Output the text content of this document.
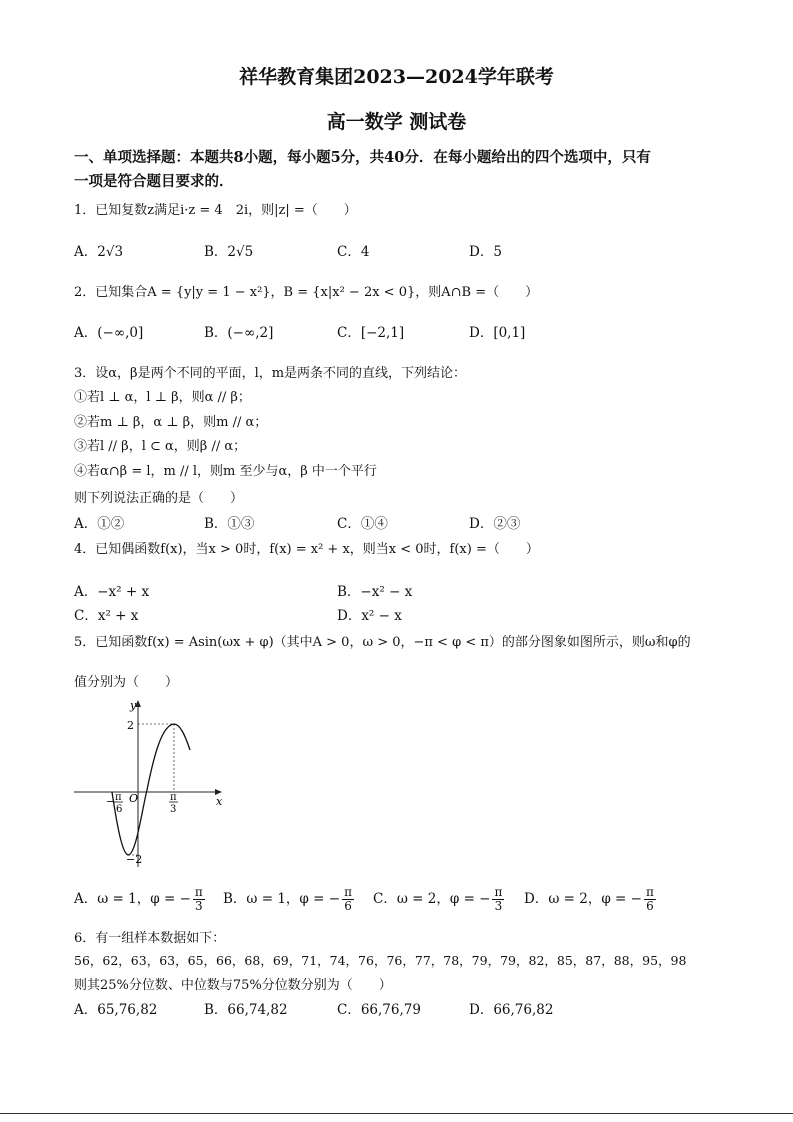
祥华教育集团2023—2024学年联考
高一数学 测试卷
一、单项选择题：本题共8小题，每小题5分，共40分．在每小题给出的四个选项中，只有
一项是符合题目要求的．
1．已知复数z满足i·z = 4　2i，则|z| =（　　）
A．2√3	B．2√5	C．4	D．5
2．已知集合A = {y|y = 1 − x²}，B = {x|x² − 2x < 0}，则A∩B =（　　）
A．(−∞,0]	B．(−∞,2]	C．[−2,1]	D．[0,1]
3．设α，β是两个不同的平面，l，m是两条不同的直线，下列结论：
①若l ⊥ α，l ⊥ β，则α // β；
②若m ⊥ β，α ⊥ β，则m // α；
③若l // β，l ⊂ α，则β // α；
④若α∩β = l，m // l，则m 至少与α，β 中一个平行
则下列说法正确的是（　　）
A．①②	B．①③	C．①④	D．②③
4．已知偶函数f(x)，当x > 0时，f(x) = x² + x，则当x < 0时，f(x) =（　　）
A．−x² + x	B．−x² − x
C．x² + x	D．x² − x
5．已知函数f(x) = Asin(ωx + φ)（其中A > 0，ω > 0，−π < φ < π）的部分图象如图所示，则ω和φ的
值分别为（　　）
y
x
O
2
−2
− π
6
π
3
A．ω = 1，φ = − $\frac{\pi}{3}$ B．ω = 1，φ = − $\frac{\pi}{6}$ C．ω = 2，φ = − $\frac{\pi}{3}$ D．ω = 2，φ = − $\frac{\pi}{6}$
6．有一组样本数据如下：
56，62，63，63，65，66，68，69，71，74，76，76，77，78，79，79，82，85，87，88，95，98
则其25%分位数、中位数与75%分位数分别为（　　）
A．65,76,82	B．66,74,82	C．66,76,79	D．66,76,82
